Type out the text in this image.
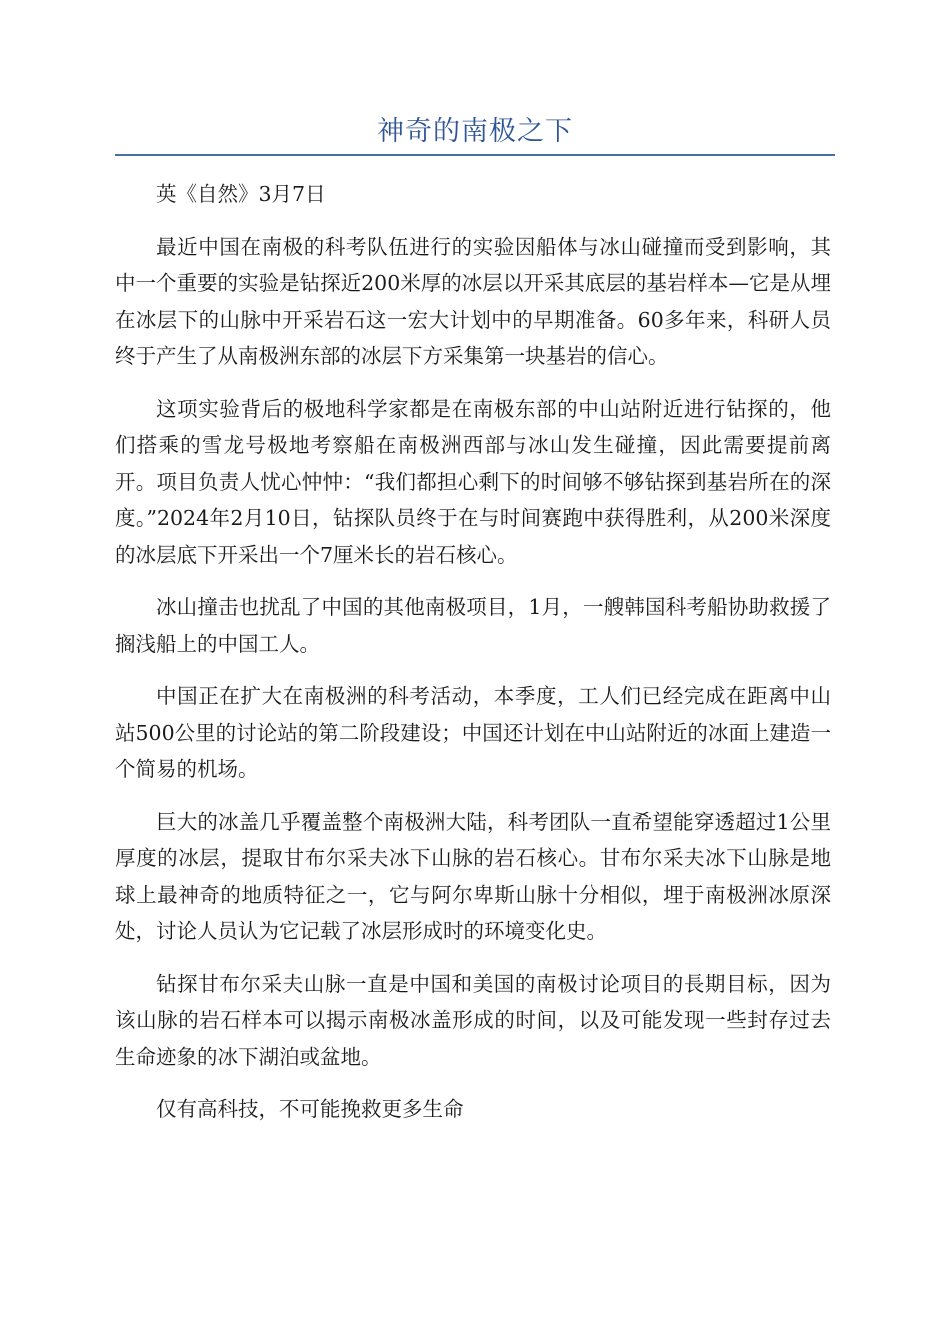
神奇的南极之下

英《自然》3月7日

最近中国在南极的科考队伍进行的实验因船体与冰山碰撞而受到影响，其中一个重要的实验是钻探近200米厚的冰层以开采其底层的基岩样本—它是从埋在冰层下的山脉中开采岩石这一宏大计划中的早期准备。60多年来，科研人员终于产生了从南极洲东部的冰层下方采集第一块基岩的信心。

这项实验背后的极地科学家都是在南极东部的中山站附近进行钻探的，他们搭乘的雪龙号极地考察船在南极洲西部与冰山发生碰撞，因此需要提前离开。项目负责人忧心忡忡：“我们都担心剩下的时间够不够钻探到基岩所在的深度。”2024年2月10日，钻探队员终于在与时间赛跑中获得胜利，从200米深度的冰层底下开采出一个7厘米长的岩石核心。

冰山撞击也扰乱了中国的其他南极项目，1月，一艘韩国科考船协助救援了搁浅船上的中国工人。

中国正在扩大在南极洲的科考活动，本季度，工人们已经完成在距离中山站500公里的讨论站的第二阶段建设；中国还计划在中山站附近的冰面上建造一个简易的机场。

巨大的冰盖几乎覆盖整个南极洲大陆，科考团队一直希望能穿透超过1公里厚度的冰层，提取甘布尔采夫冰下山脉的岩石核心。甘布尔采夫冰下山脉是地球上最神奇的地质特征之一，它与阿尔卑斯山脉十分相似，埋于南极洲冰原深处，讨论人员认为它记载了冰层形成时的环境变化史。

钻探甘布尔采夫山脉一直是中国和美国的南极讨论项目的長期目标，因为该山脉的岩石样本可以揭示南极冰盖形成的时间，以及可能发现一些封存过去生命迹象的冰下湖泊或盆地。

仅有高科技，不可能挽救更多生命
